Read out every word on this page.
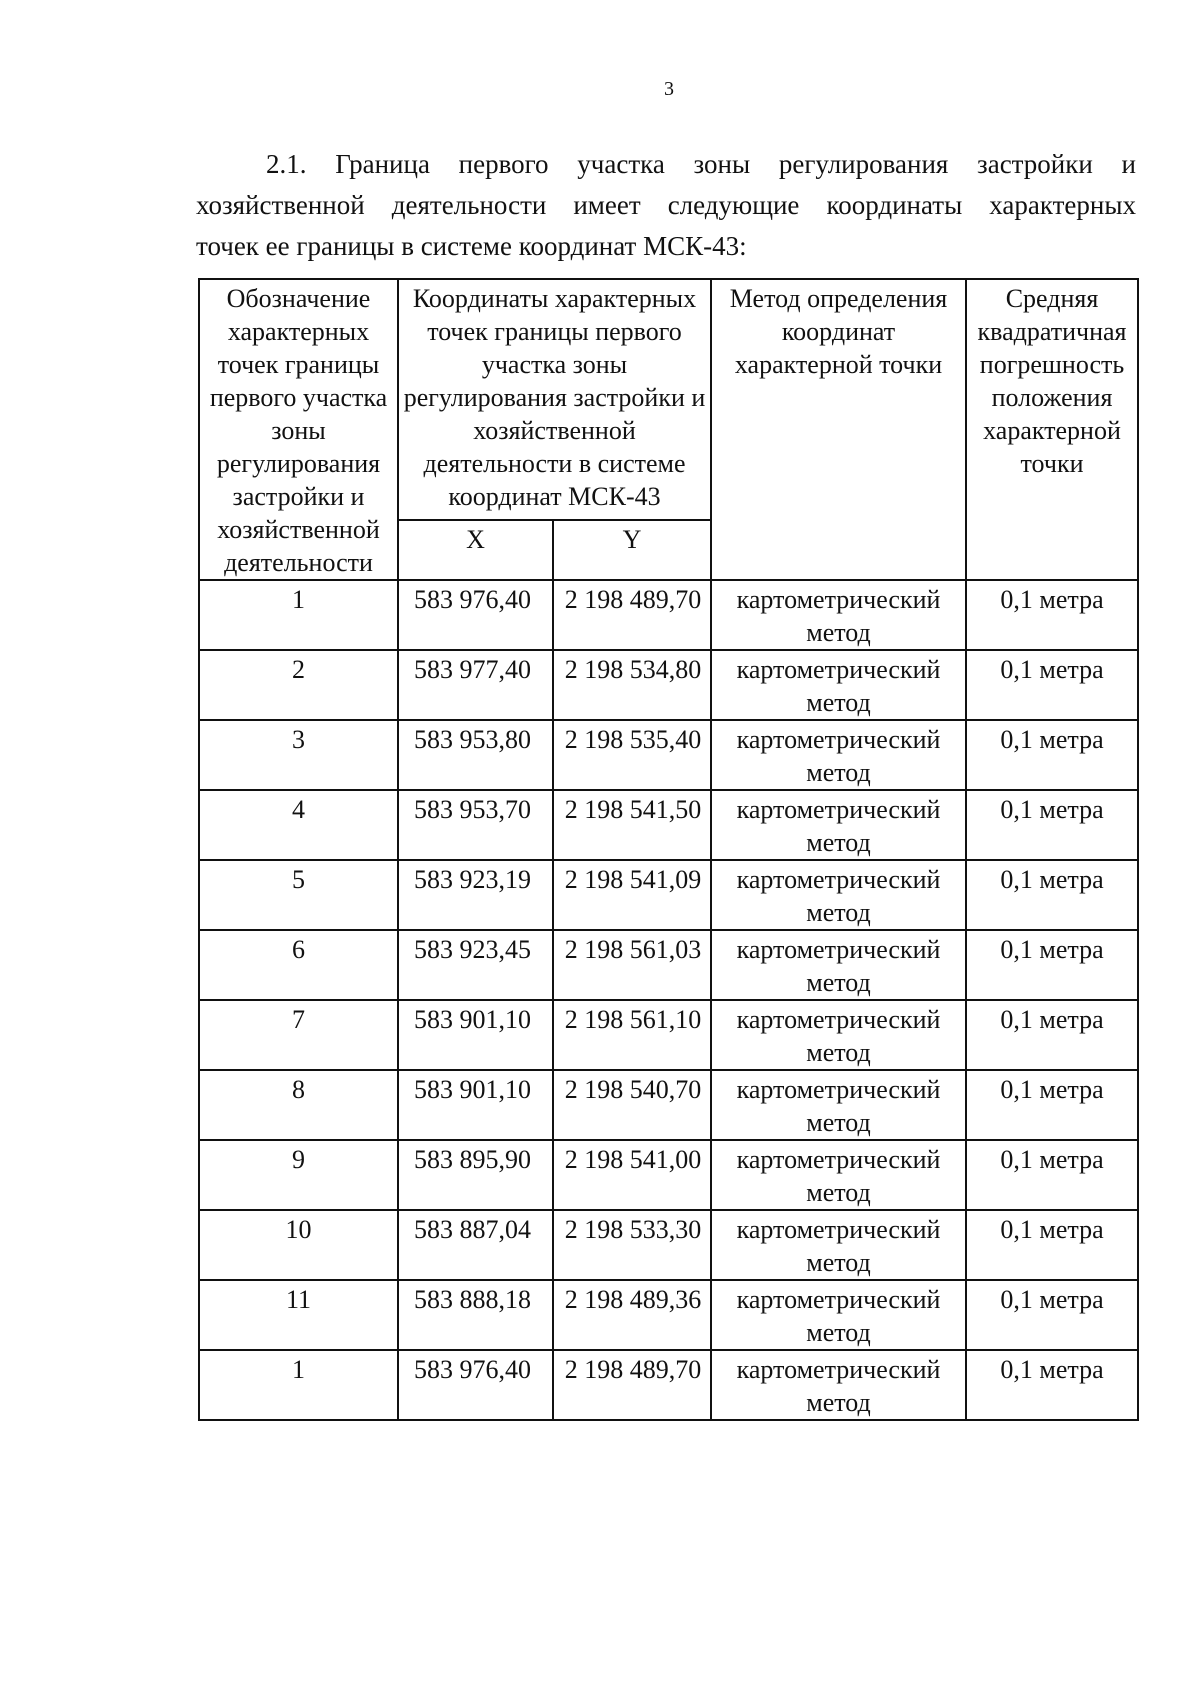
3

2.1. Граница первого участка зоны регулирования застройки и
хозяйственной деятельности имеет следующие координаты характерных
точек ее границы в системе координат МСК-43:

Обозначение характерных точек границы первого участка зоны регулирования застройки и хозяйственной деятельности	Координаты характерных точек границы первого участка зоны регулирования застройки и хозяйственной деятельности в системе координат МСК-43		Метод определения координат характерной точки	Средняя квадратичная погрешность положения характерной точки
	X	Y		
1	583 976,40	2 198 489,70	картометрический метод	0,1 метра
2	583 977,40	2 198 534,80	картометрический метод	0,1 метра
3	583 953,80	2 198 535,40	картометрический метод	0,1 метра
4	583 953,70	2 198 541,50	картометрический метод	0,1 метра
5	583 923,19	2 198 541,09	картометрический метод	0,1 метра
6	583 923,45	2 198 561,03	картометрический метод	0,1 метра
7	583 901,10	2 198 561,10	картометрический метод	0,1 метра
8	583 901,10	2 198 540,70	картометрический метод	0,1 метра
9	583 895,90	2 198 541,00	картометрический метод	0,1 метра
10	583 887,04	2 198 533,30	картометрический метод	0,1 метра
11	583 888,18	2 198 489,36	картометрический метод	0,1 метра
1	583 976,40	2 198 489,70	картометрический метод	0,1 метра
